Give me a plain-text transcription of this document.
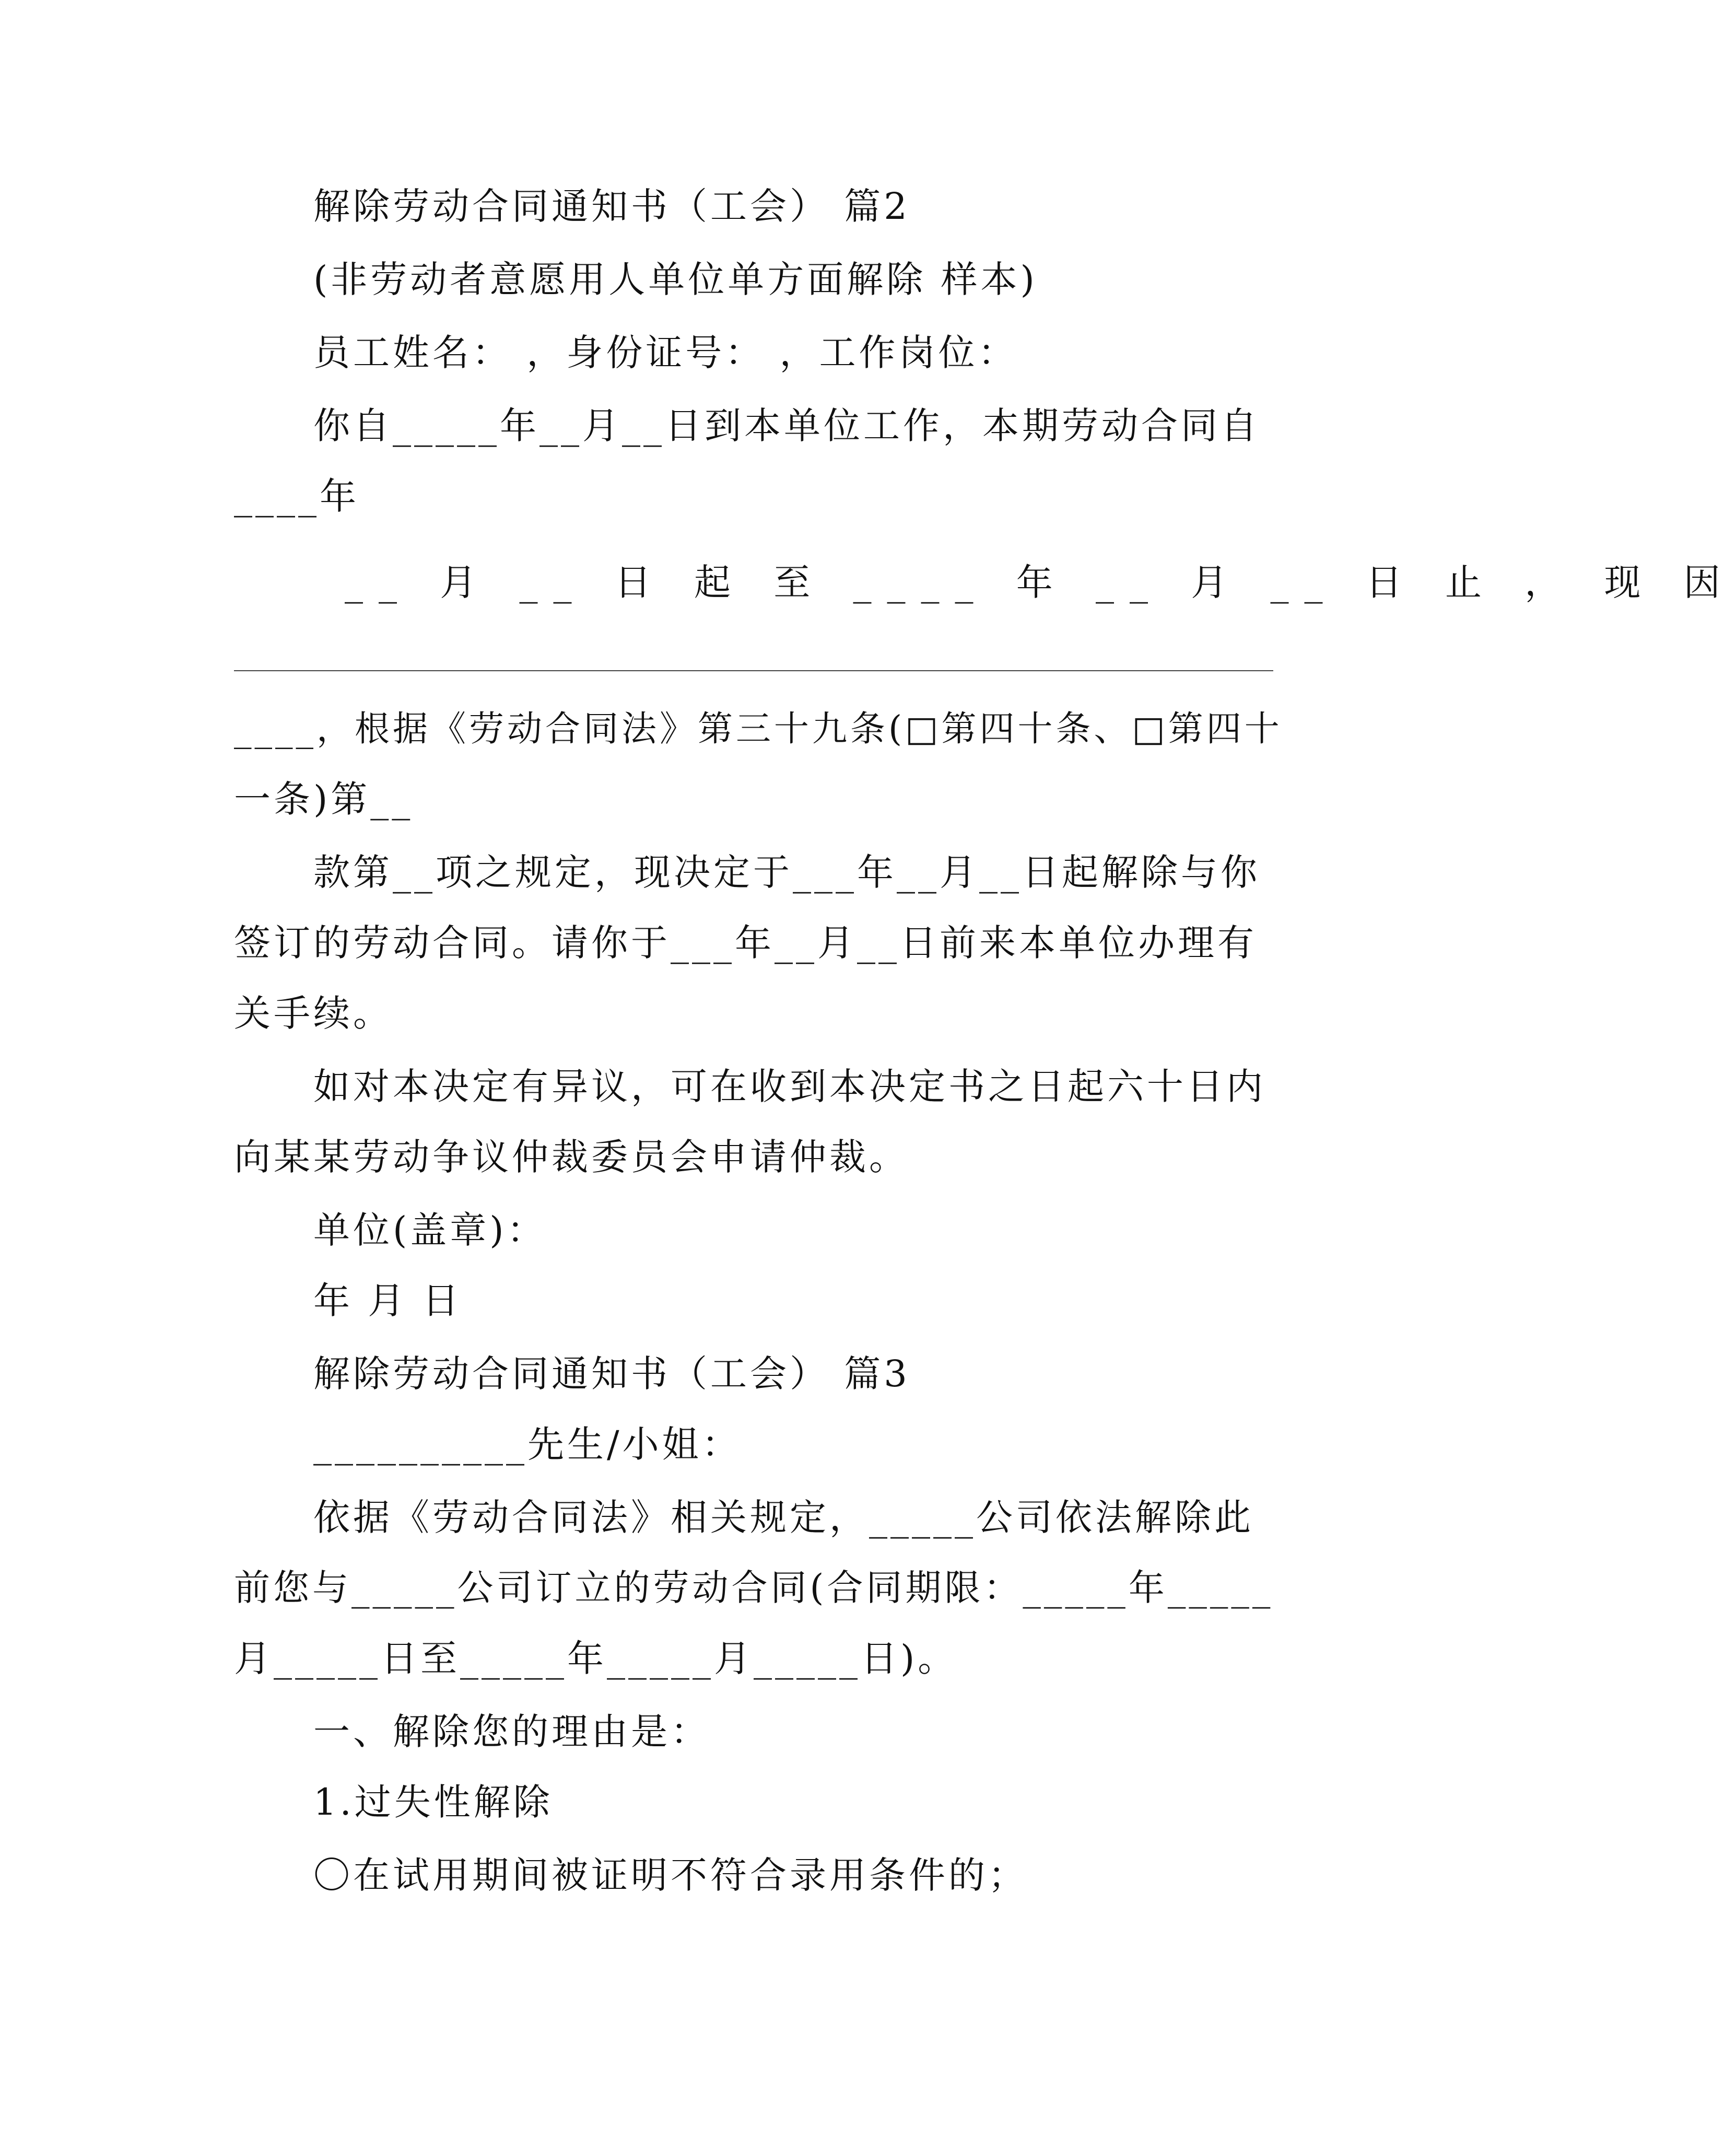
解除劳动合同通知书（工会） 篇2
(非劳动者意愿用人单位单方面解除 样本)
员工姓名： ，身份证号： ，工作岗位：
你自_____年__月__日到本单位工作，本期劳动合同自
____年
__ 月 __ 日 起 至 ____ 年 __ 月 __ 日 止 ， 现 因
____，根据《劳动合同法》第三十九条(□第四十条、□第四十
一条)第__
款第__项之规定，现决定于___年__月__日起解除与你
签订的劳动合同。请你于___年__月__日前来本单位办理有
关手续。
如对本决定有异议，可在收到本决定书之日起六十日内
向某某劳动争议仲裁委员会申请仲裁。
单位(盖章)：
年 月 日
解除劳动合同通知书（工会） 篇3
__________先生/小姐：
依据《劳动合同法》相关规定，_____公司依法解除此
前您与_____公司订立的劳动合同(合同期限：_____年_____
月_____日至_____年_____月_____日)。
一、解除您的理由是：
1.过失性解除
〇在试用期间被证明不符合录用条件的；
